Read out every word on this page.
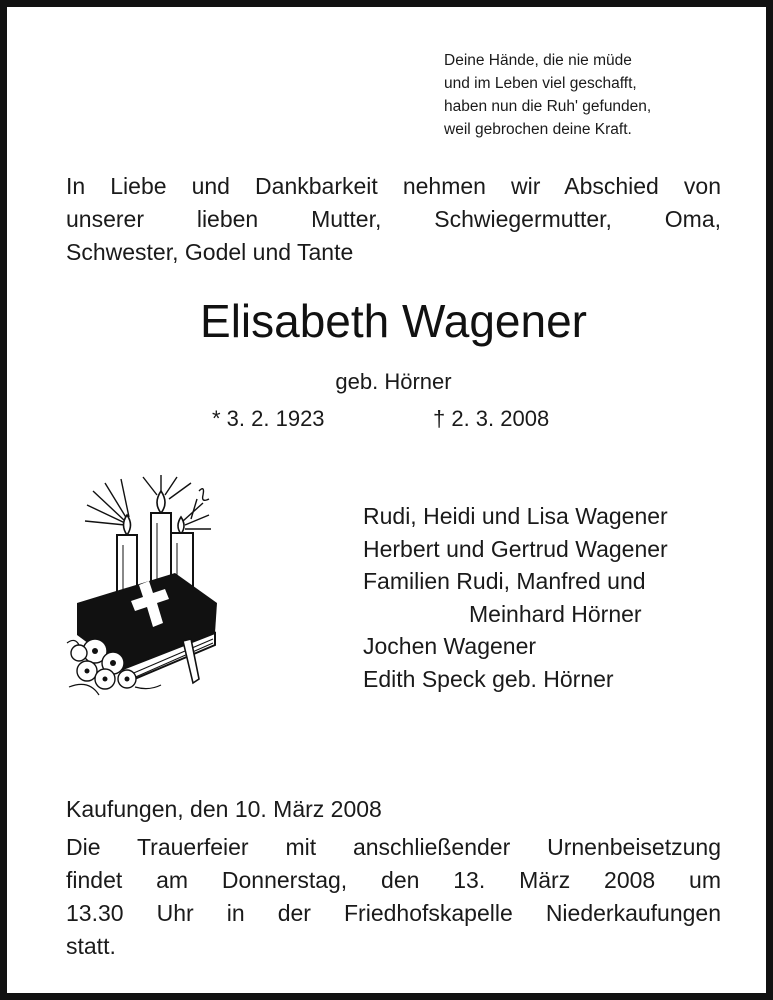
Deine Hände, die nie müde
und im Leben viel geschafft,
haben nun die Ruh' gefunden,
weil gebrochen deine Kraft.
In Liebe und Dankbarkeit nehmen wir Abschied von
unserer lieben Mutter, Schwiegermutter, Oma,
Schwester, Godel und Tante
Elisabeth Wagener
geb. Hörner
* 3. 2. 1923	† 2. 3. 2008
Rudi, Heidi und Lisa Wagener
Herbert und Gertrud Wagener
Familien Rudi, Manfred und
Meinhard Hörner
Jochen Wagener
Edith Speck geb. Hörner
Kaufungen, den 10. März 2008
Die Trauerfeier mit anschließender Urnenbeisetzung
findet am Donnerstag, den 13. März 2008 um
13.30 Uhr in der Friedhofskapelle Niederkaufungen
statt.
